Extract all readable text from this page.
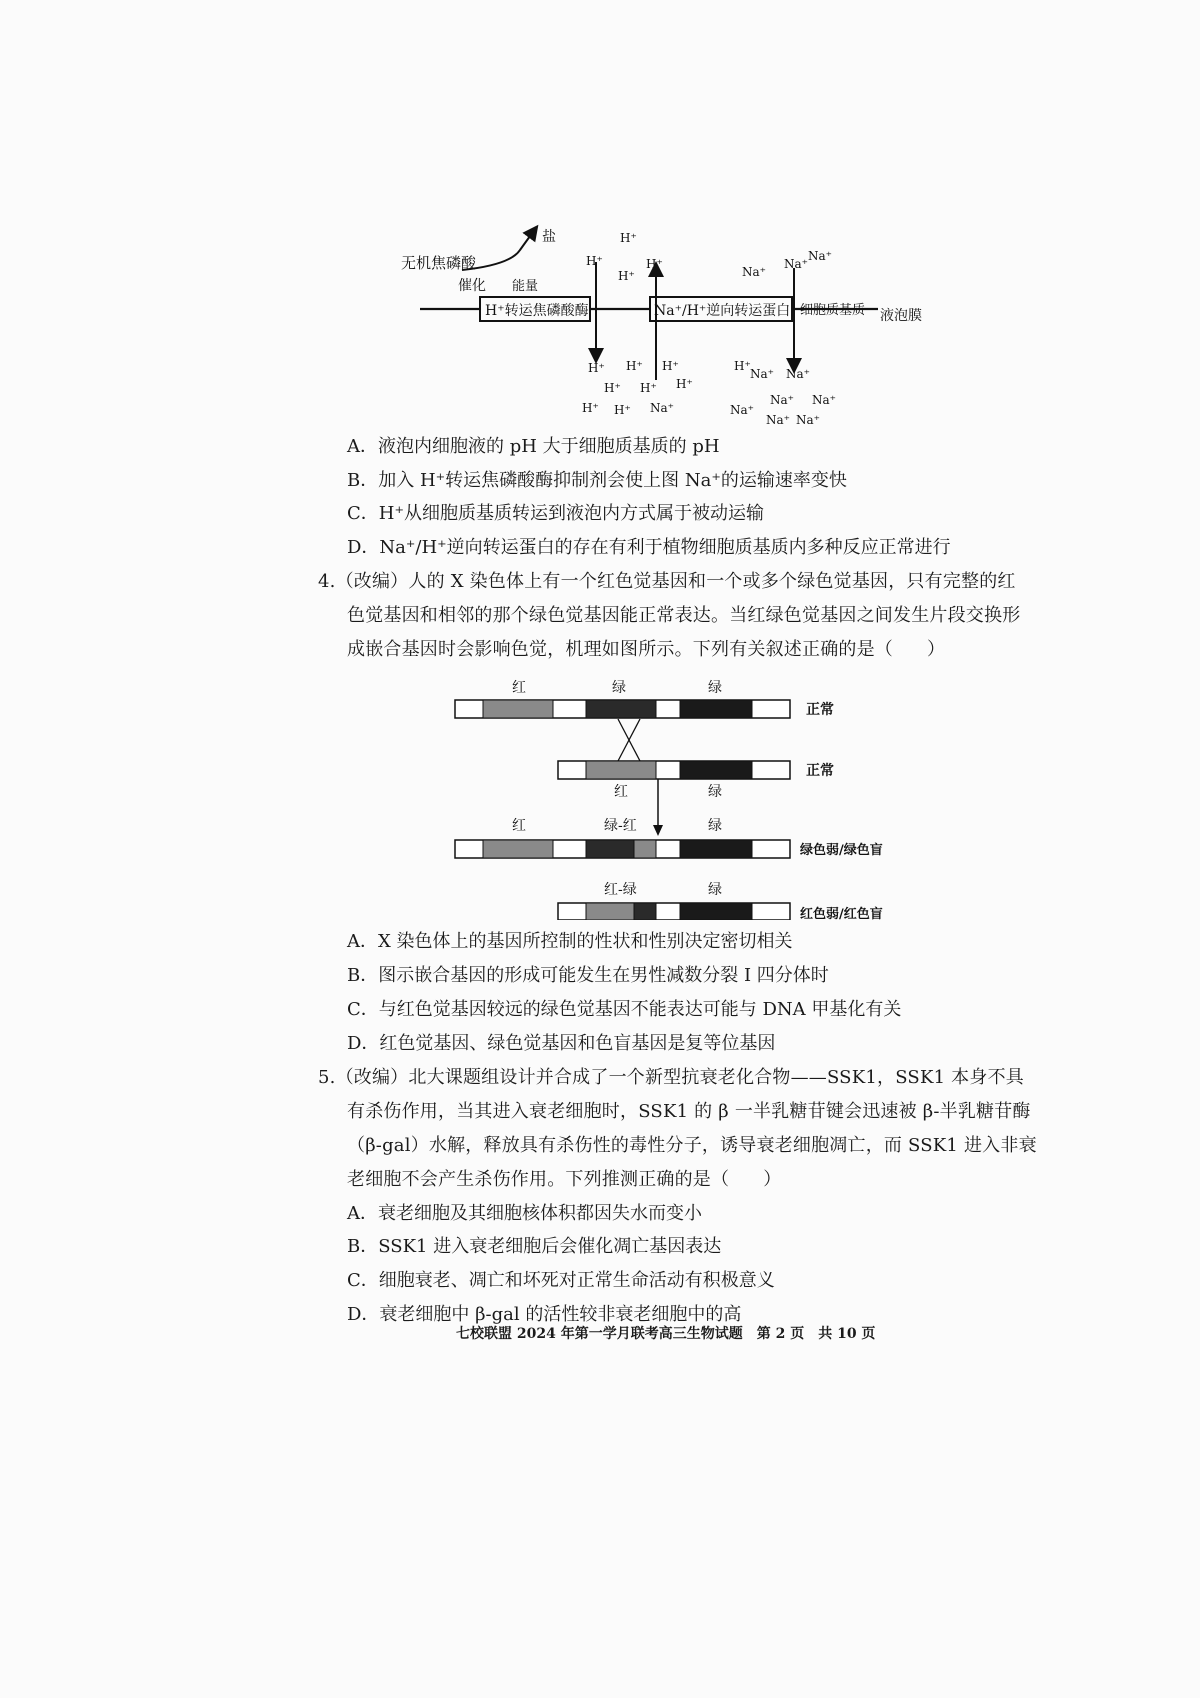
H⁺转运焦磷酸酶	Na⁺/H⁺逆向转运蛋白
无机焦磷酸
催化
盐
能量
细胞质基质 液泡膜
H⁺
H⁺
H⁺
H⁺
H⁺ H⁺ H⁺
H⁺ H⁺ H⁺
H⁺ H⁺
H⁺
Na⁺
Na⁺
Na⁺
Na⁺
Na⁺ Na⁺
Na⁺
Na⁺ Na⁺
Na⁺ Na⁺
A．液泡内细胞液的 pH 大于细胞质基质的 pH
B．加入 H⁺转运焦磷酸酶抑制剂会使上图 Na⁺的运输速率变快
C．H⁺从细胞质基质转运到液泡内方式属于被动运输
D．Na⁺/H⁺逆向转运蛋白的存在有利于植物细胞质基质内多种反应正常进行
4.（改编）人的 X 染色体上有一个红色觉基因和一个或多个绿色觉基因，只有完整的红
色觉基因和相邻的那个绿色觉基因能正常表达。当红绿色觉基因之间发生片段交换形
成嵌合基因时会影响色觉，机理如图所示。下列有关叙述正确的是（ ）
红	绿	绿
正常
红	绿
正常
红	绿-红	绿
绿色弱/绿色盲
红-绿	绿
红色弱/红色盲
A．X 染色体上的基因所控制的性状和性别决定密切相关
B．图示嵌合基因的形成可能发生在男性减数分裂 I 四分体时
C．与红色觉基因较远的绿色觉基因不能表达可能与 DNA 甲基化有关
D．红色觉基因、绿色觉基因和色盲基因是复等位基因
5.（改编）北大课题组设计并合成了一个新型抗衰老化合物——SSK1，SSK1 本身不具
有杀伤作用，当其进入衰老细胞时，SSK1 的 β 一半乳糖苷键会迅速被 β-半乳糖苷酶
（β-gal）水解，释放具有杀伤性的毒性分子，诱导衰老细胞凋亡，而 SSK1 进入非衰
老细胞不会产生杀伤作用。下列推测正确的是（ ）
A．衰老细胞及其细胞核体积都因失水而变小
B．SSK1 进入衰老细胞后会催化凋亡基因表达
C．细胞衰老、凋亡和坏死对正常生命活动有积极意义
D．衰老细胞中 β-gal 的活性较非衰老细胞中的高
七校联盟 2024 年第一学月联考高三生物试题　第 2 页　共 10 页
